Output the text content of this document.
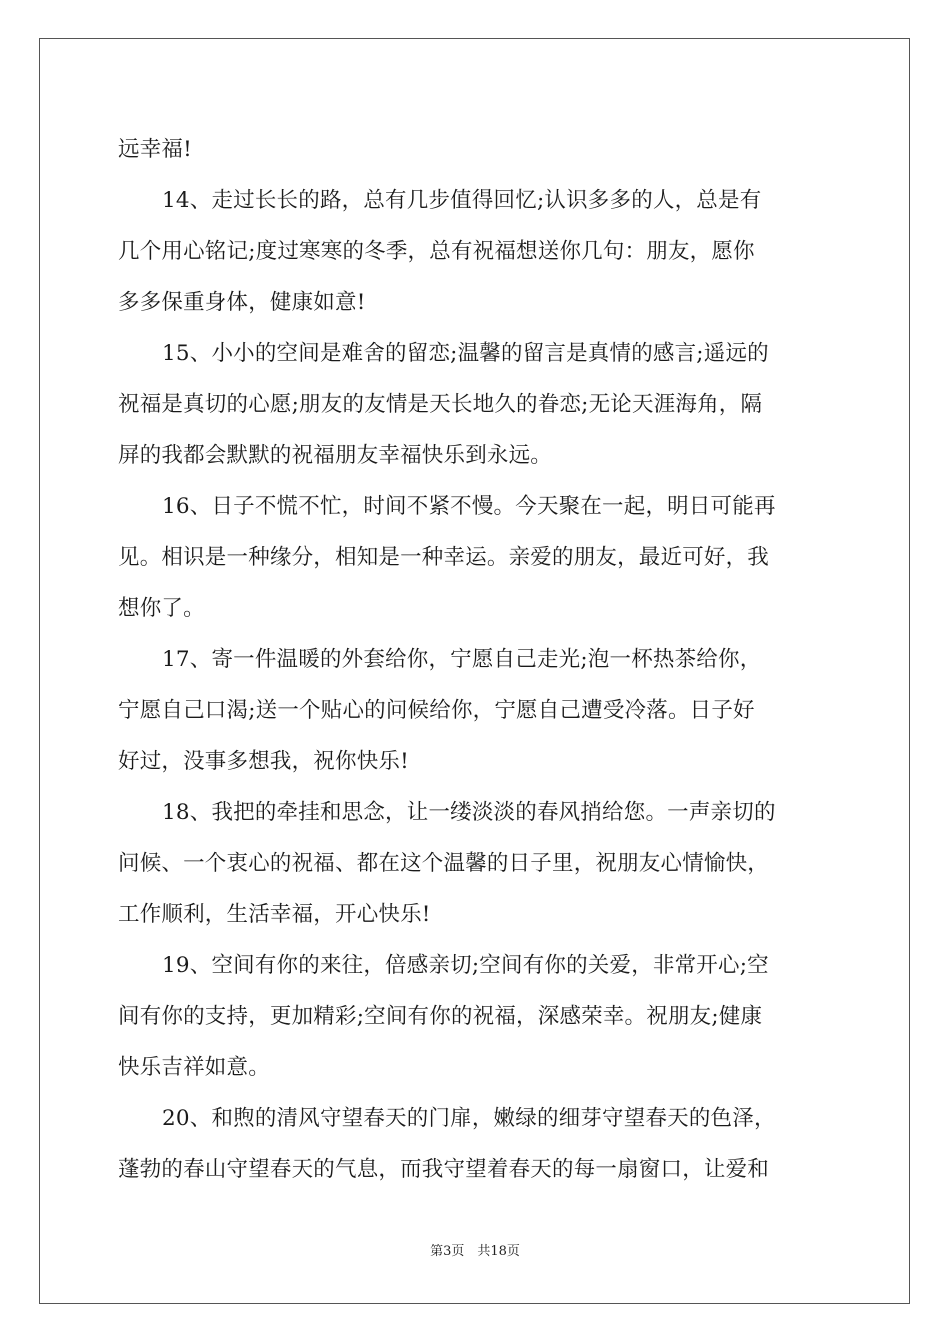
远幸福!
14、走过长长的路，总有几步值得回忆;认识多多的人，总是有
几个用心铭记;度过寒寒的冬季，总有祝福想送你几句：朋友，愿你
多多保重身体，健康如意!
15、小小的空间是难舍的留恋;温馨的留言是真情的感言;遥远的
祝福是真切的心愿;朋友的友情是天长地久的眷恋;无论天涯海角，隔
屏的我都会默默的祝福朋友幸福快乐到永远。
16、日子不慌不忙，时间不紧不慢。今天聚在一起，明日可能再
见。相识是一种缘分，相知是一种幸运。亲爱的朋友，最近可好，我
想你了。
17、寄一件温暖的外套给你，宁愿自己走光;泡一杯热茶给你，
宁愿自己口渴;送一个贴心的问候给你，宁愿自己遭受冷落。日子好
好过，没事多想我，祝你快乐!
18、我把的牵挂和思念，让一缕淡淡的春风捎给您。一声亲切的
问候、一个衷心的祝福、都在这个温馨的日子里，祝朋友心情愉快，
工作顺利，生活幸福，开心快乐!
19、空间有你的来往，倍感亲切;空间有你的关爱，非常开心;空
间有你的支持，更加精彩;空间有你的祝福，深感荣幸。祝朋友;健康
快乐吉祥如意。
20、和煦的清风守望春天的门扉，嫩绿的细芽守望春天的色泽，
蓬勃的春山守望春天的气息，而我守望着春天的每一扇窗口，让爱和
第3页　共18页
